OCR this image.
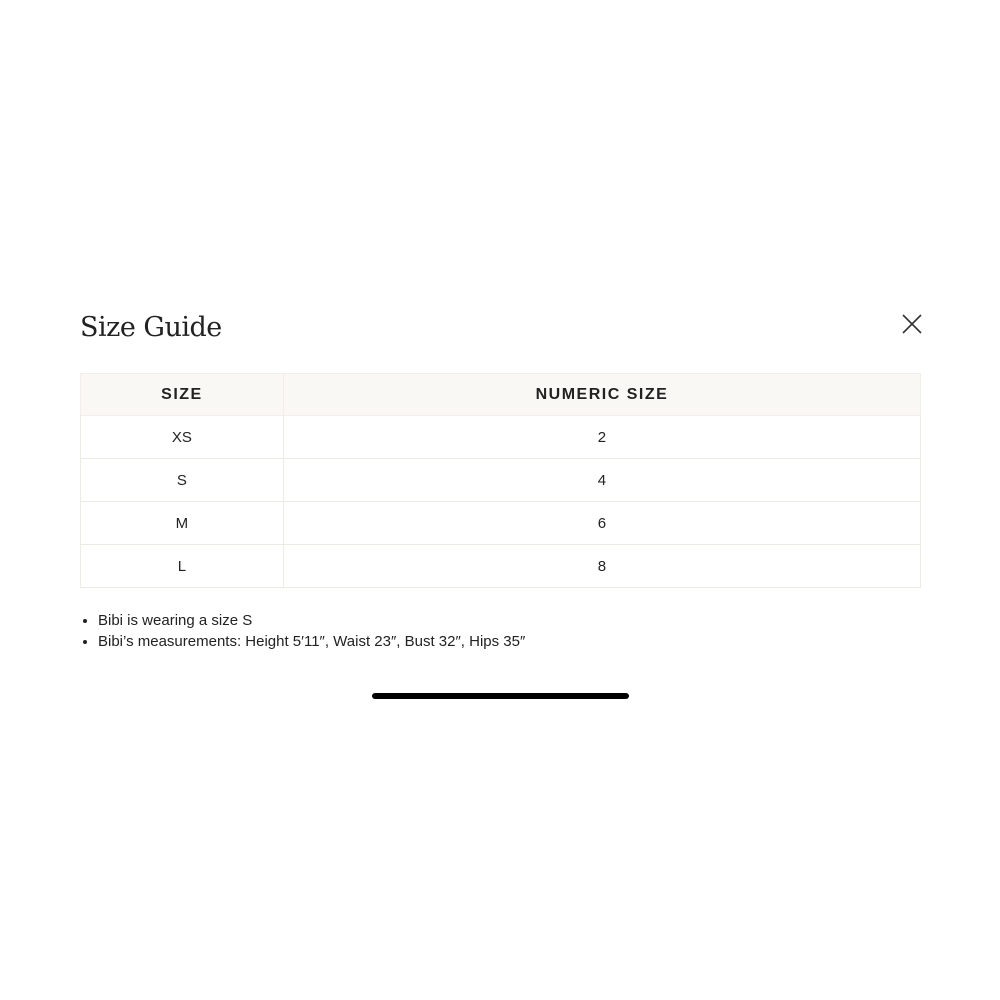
Size Guide
SIZE	NUMERIC SIZE
XS	2
S	4
M	6
L	8
• Bibi is wearing a size S
• Bibi’s measurements: Height 5′11″, Waist 23″, Bust 32″, Hips 35″
